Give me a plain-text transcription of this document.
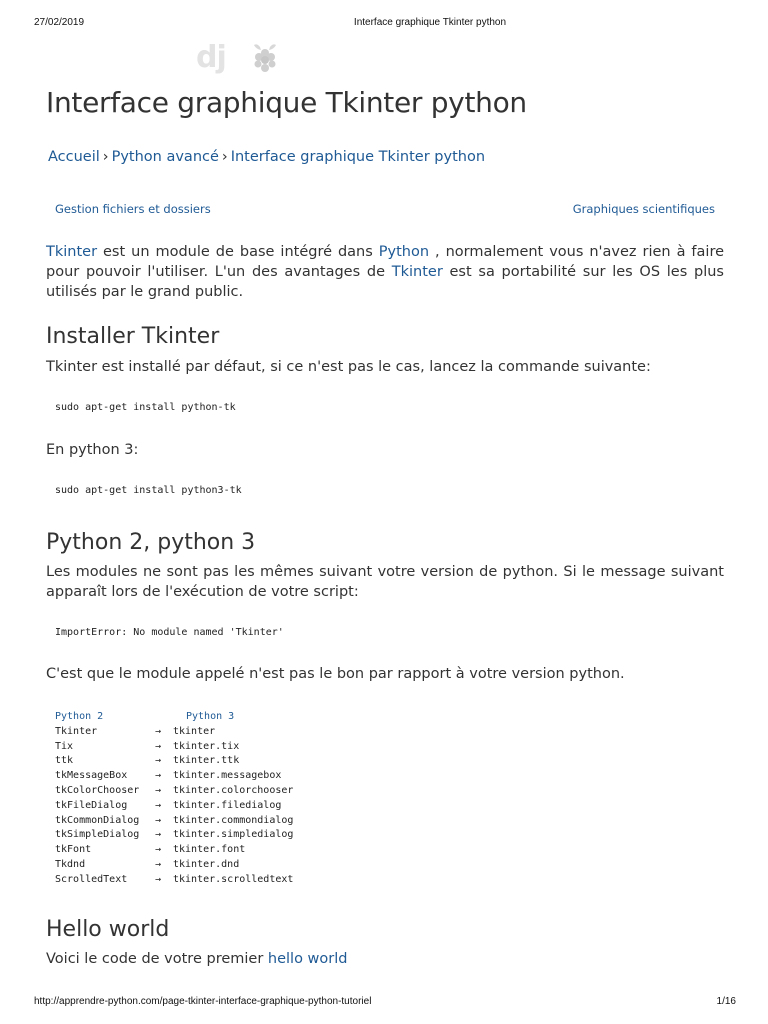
27/02/2019	Interface graphique Tkinter python
dj
Interface graphique Tkinter python
Accueil › Python avancé › Interface graphique Tkinter python
Gestion fichiers et dossiers	Graphiques scientifiques

Tkinter est un module de base intégré dans Python , normalement vous n'avez rien à faire pour pouvoir l'utiliser. L'un des avantages de Tkinter est sa portabilité sur les OS les plus utilisés par le grand public.

Installer Tkinter

Tkinter est installé par défaut, si ce n'est pas le cas, lancez la commande suivante:

sudo apt-get install python-tk

En python 3:

sudo apt-get install python3-tk
Python 2, python 3

Les modules ne sont pas les mêmes suivant votre version de python. Si le message suivant apparaît lors de l'exécution de votre script:

ImportError: No module named 'Tkinter'

C'est que le module appelé n'est pas le bon par rapport à votre version python.

Python 2		Python 3
Tkinter	→	tkinter
Tix	→	tkinter.tix
ttk	→	tkinter.ttk
tkMessageBox	→	tkinter.messagebox
tkColorChooser	→	tkinter.colorchooser
tkFileDialog	→	tkinter.filedialog
tkCommonDialog	→	tkinter.commondialog
tkSimpleDialog	→	tkinter.simpledialog
tkFont	→	tkinter.font
Tkdnd	→	tkinter.dnd
ScrolledText	→	tkinter.scrolledtext
Hello world

Voici le code de votre premier hello world

http://apprendre-python.com/page-tkinter-interface-graphique-python-tutoriel	1/16
